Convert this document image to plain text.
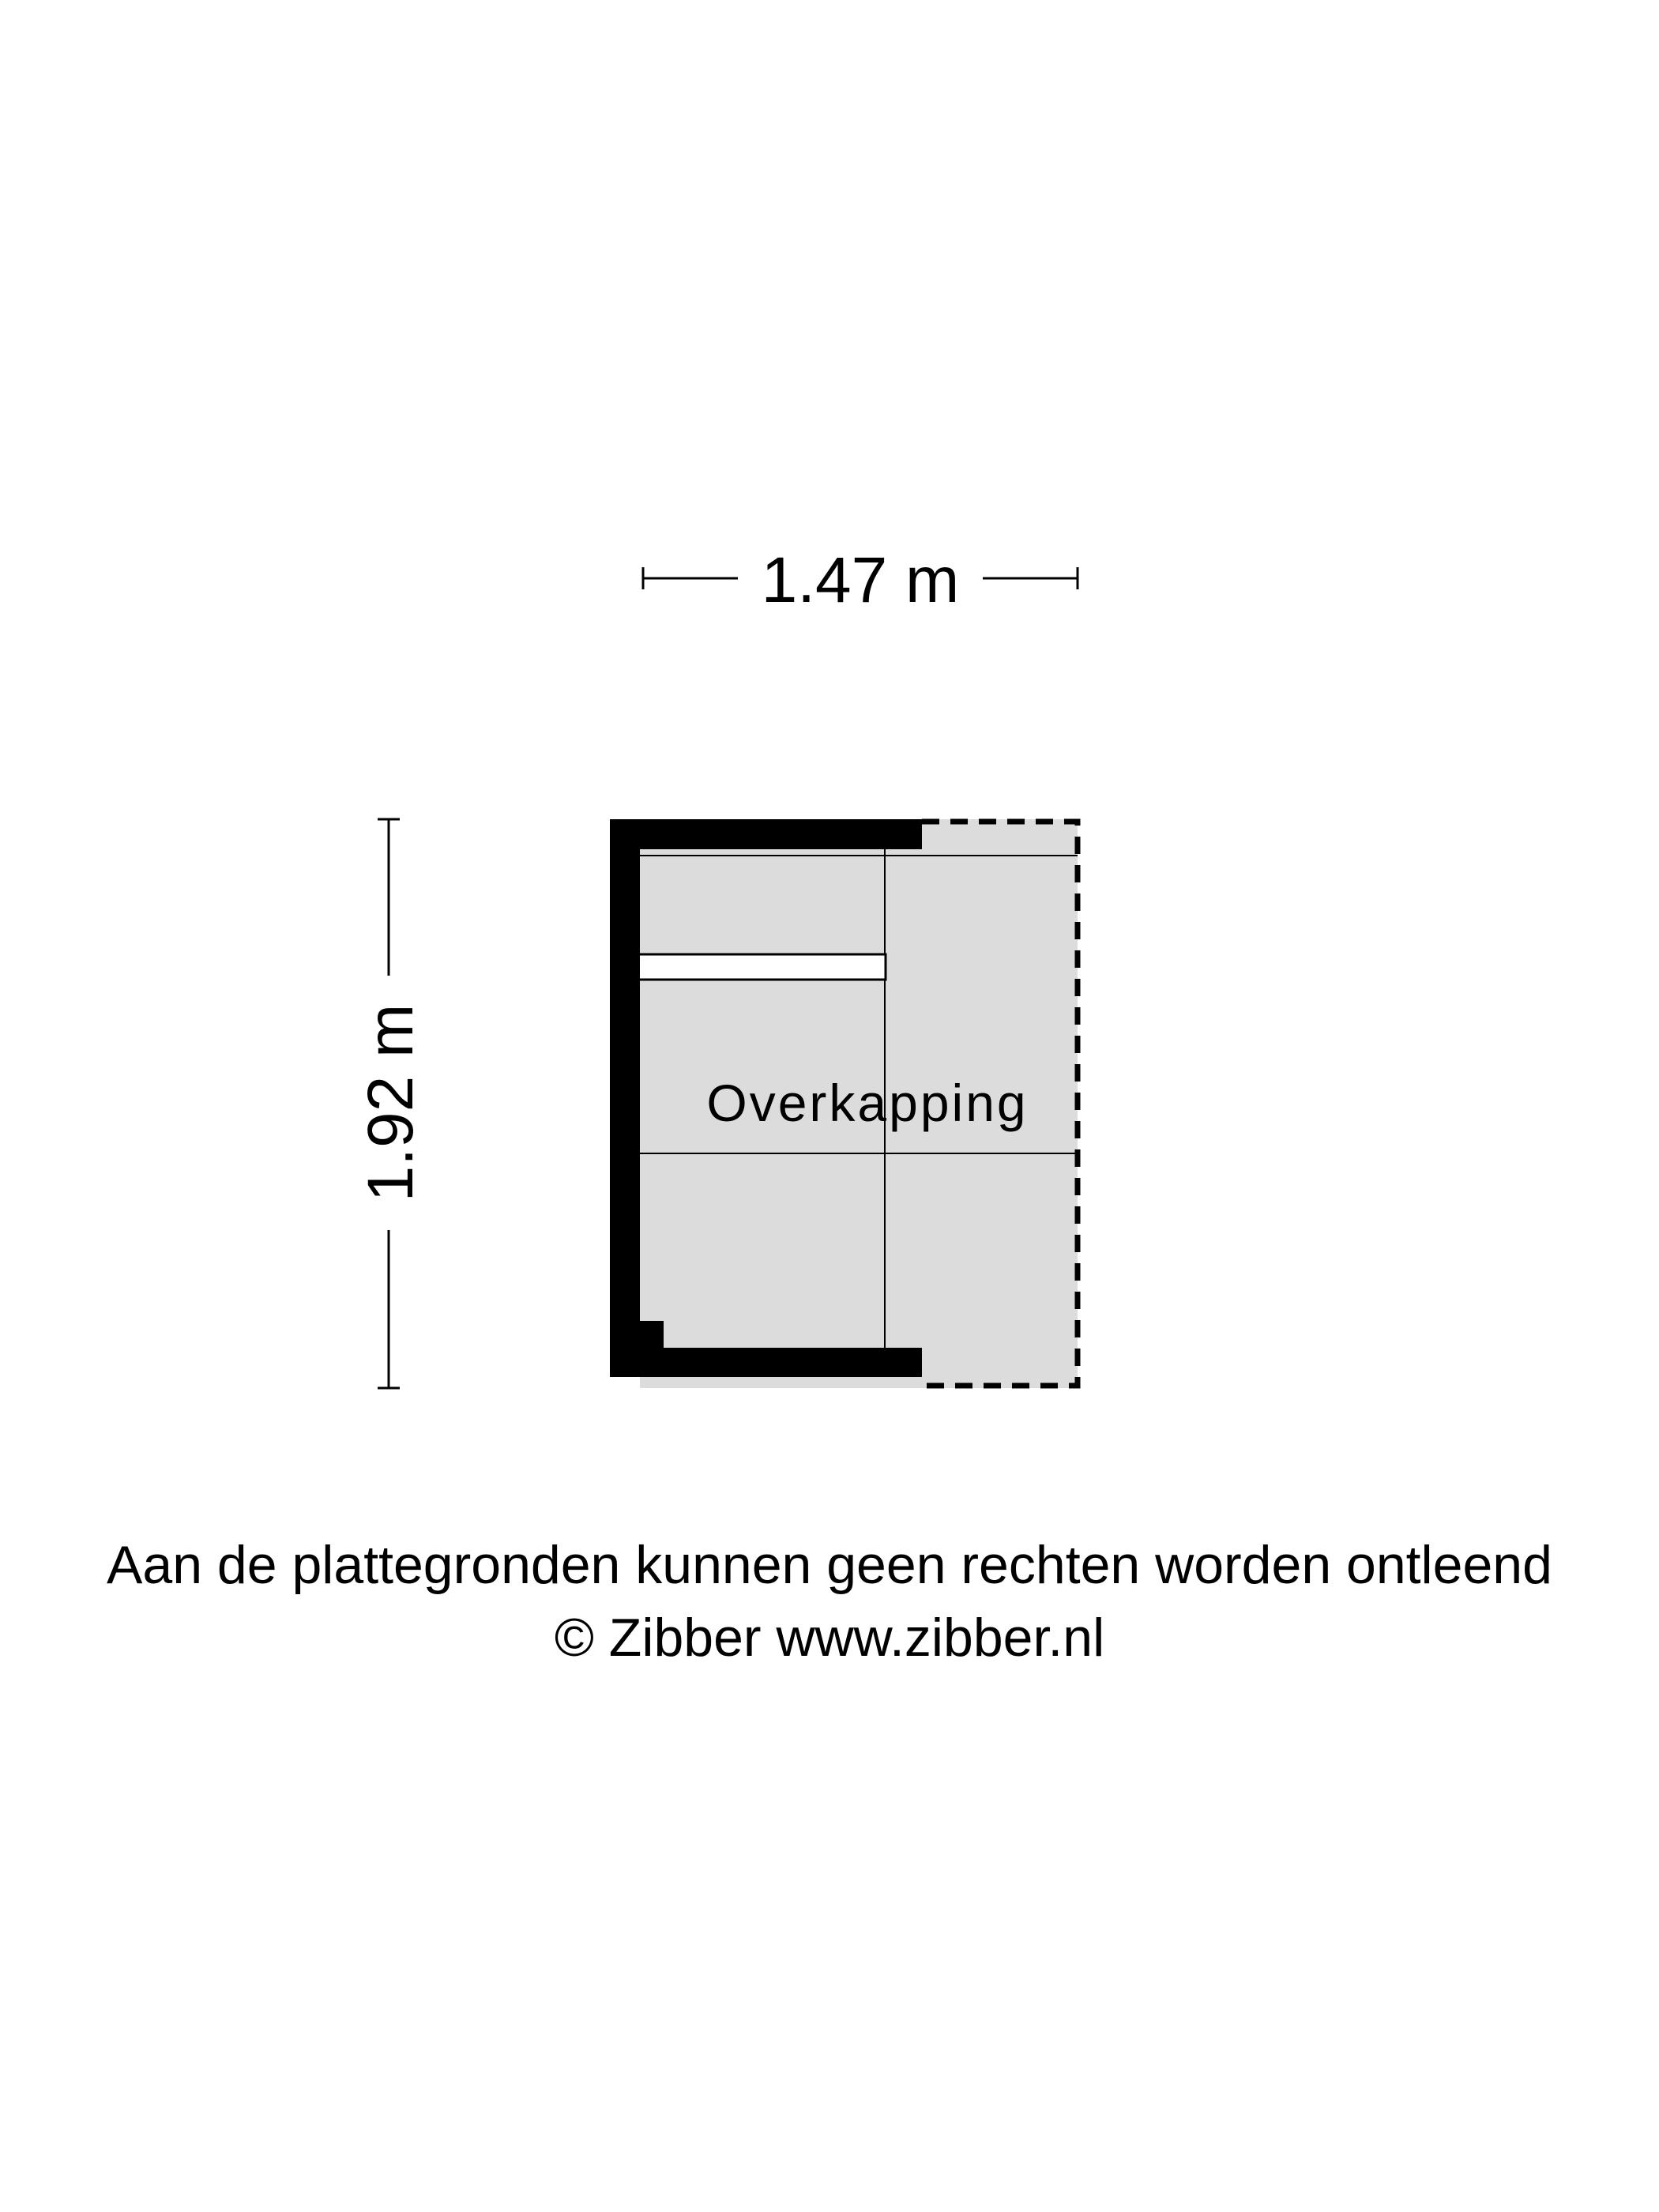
1.47 m
1.92 m	Overkapping
Aan de plattegronden kunnen geen rechten worden ontleend
© Zibber www.zibber.nl
